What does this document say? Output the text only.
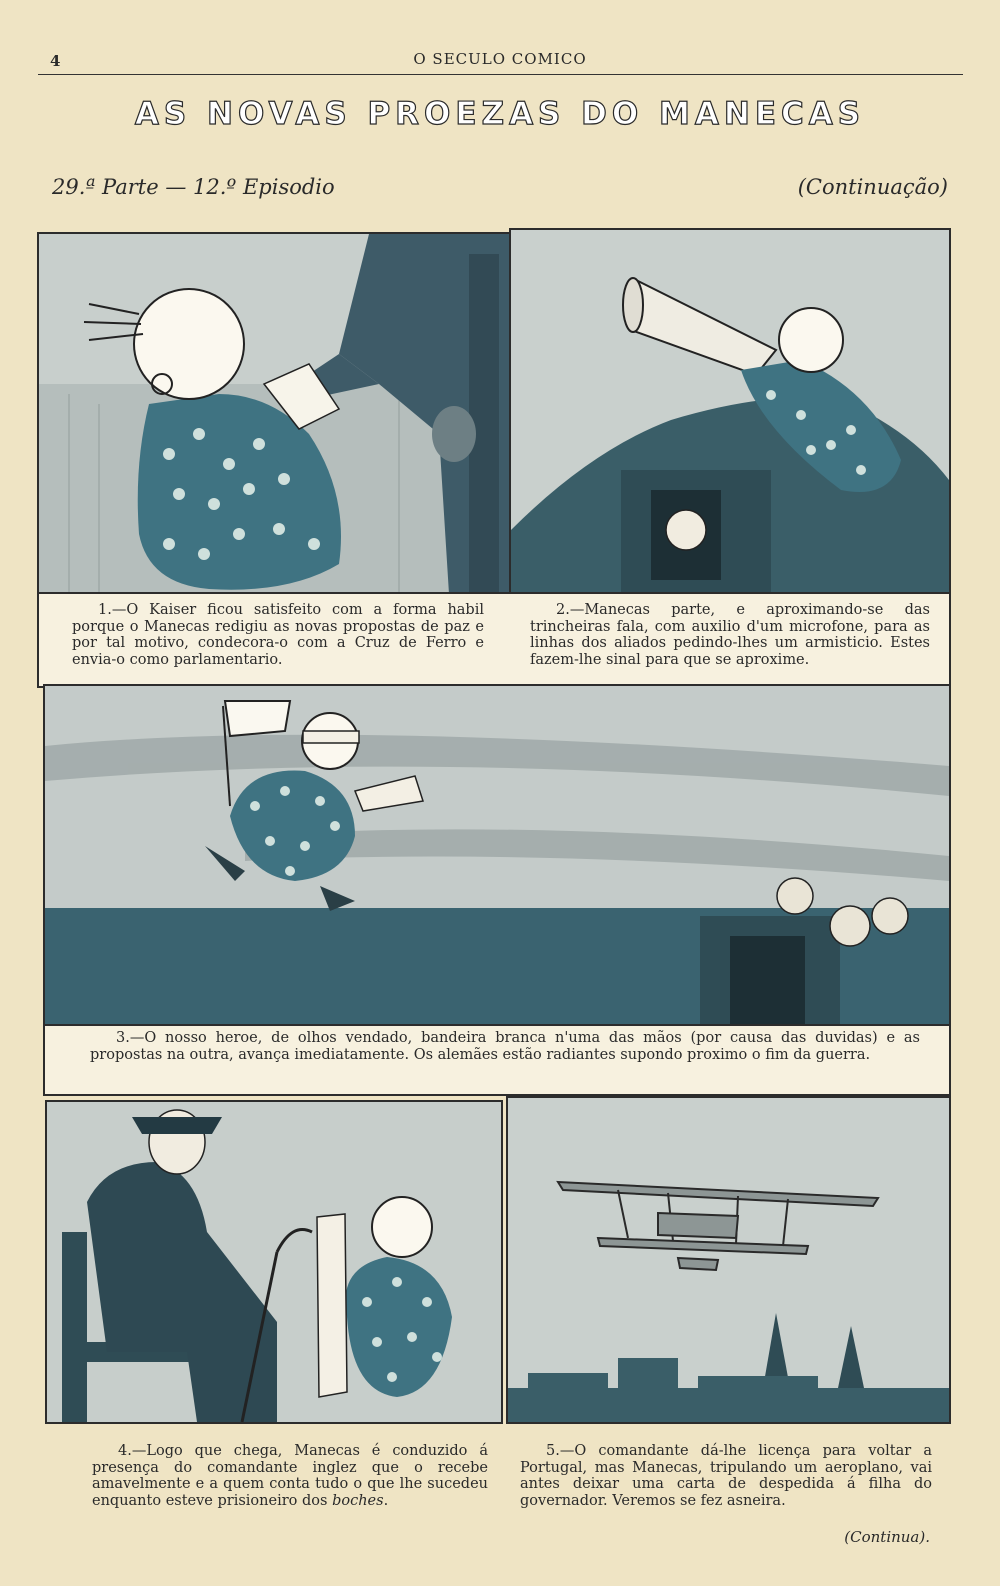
4	O SECULO COMICO
AS NOVAS PROEZAS DO MANECAS
29.ª Parte — 12.º Episodio	(Continuação)
1.—O Kaiser ficou satisfeito com a forma habil porque o Manecas redigiu as novas propostas de paz e por tal motivo, condecora-o com a Cruz de Ferro e envia-o como parlamentario.
2.—Manecas parte, e aproximando-se das trincheiras fala, com auxilio d'um microfone, para as linhas dos aliados pedindo-lhes um armisticio. Estes fazem-lhe sinal para que se aproxime.
3.—O nosso heroe, de olhos vendado, bandeira branca n'uma das mãos (por causa das duvidas) e as propostas na outra, avança imediatamente. Os alemães estão radiantes supondo proximo o fim da guerra.
4.—Logo que chega, Manecas é conduzido á presença do comandante inglez que o recebe amavelmente e a quem conta tudo o que lhe sucedeu enquanto esteve prisioneiro dos boches.
5.—O comandante dá-lhe licença para voltar a Portugal, mas Manecas, tripulando um aeroplano, vai antes deixar uma carta de despedida á filha do governador. Veremos se fez asneira.
(Continua).
